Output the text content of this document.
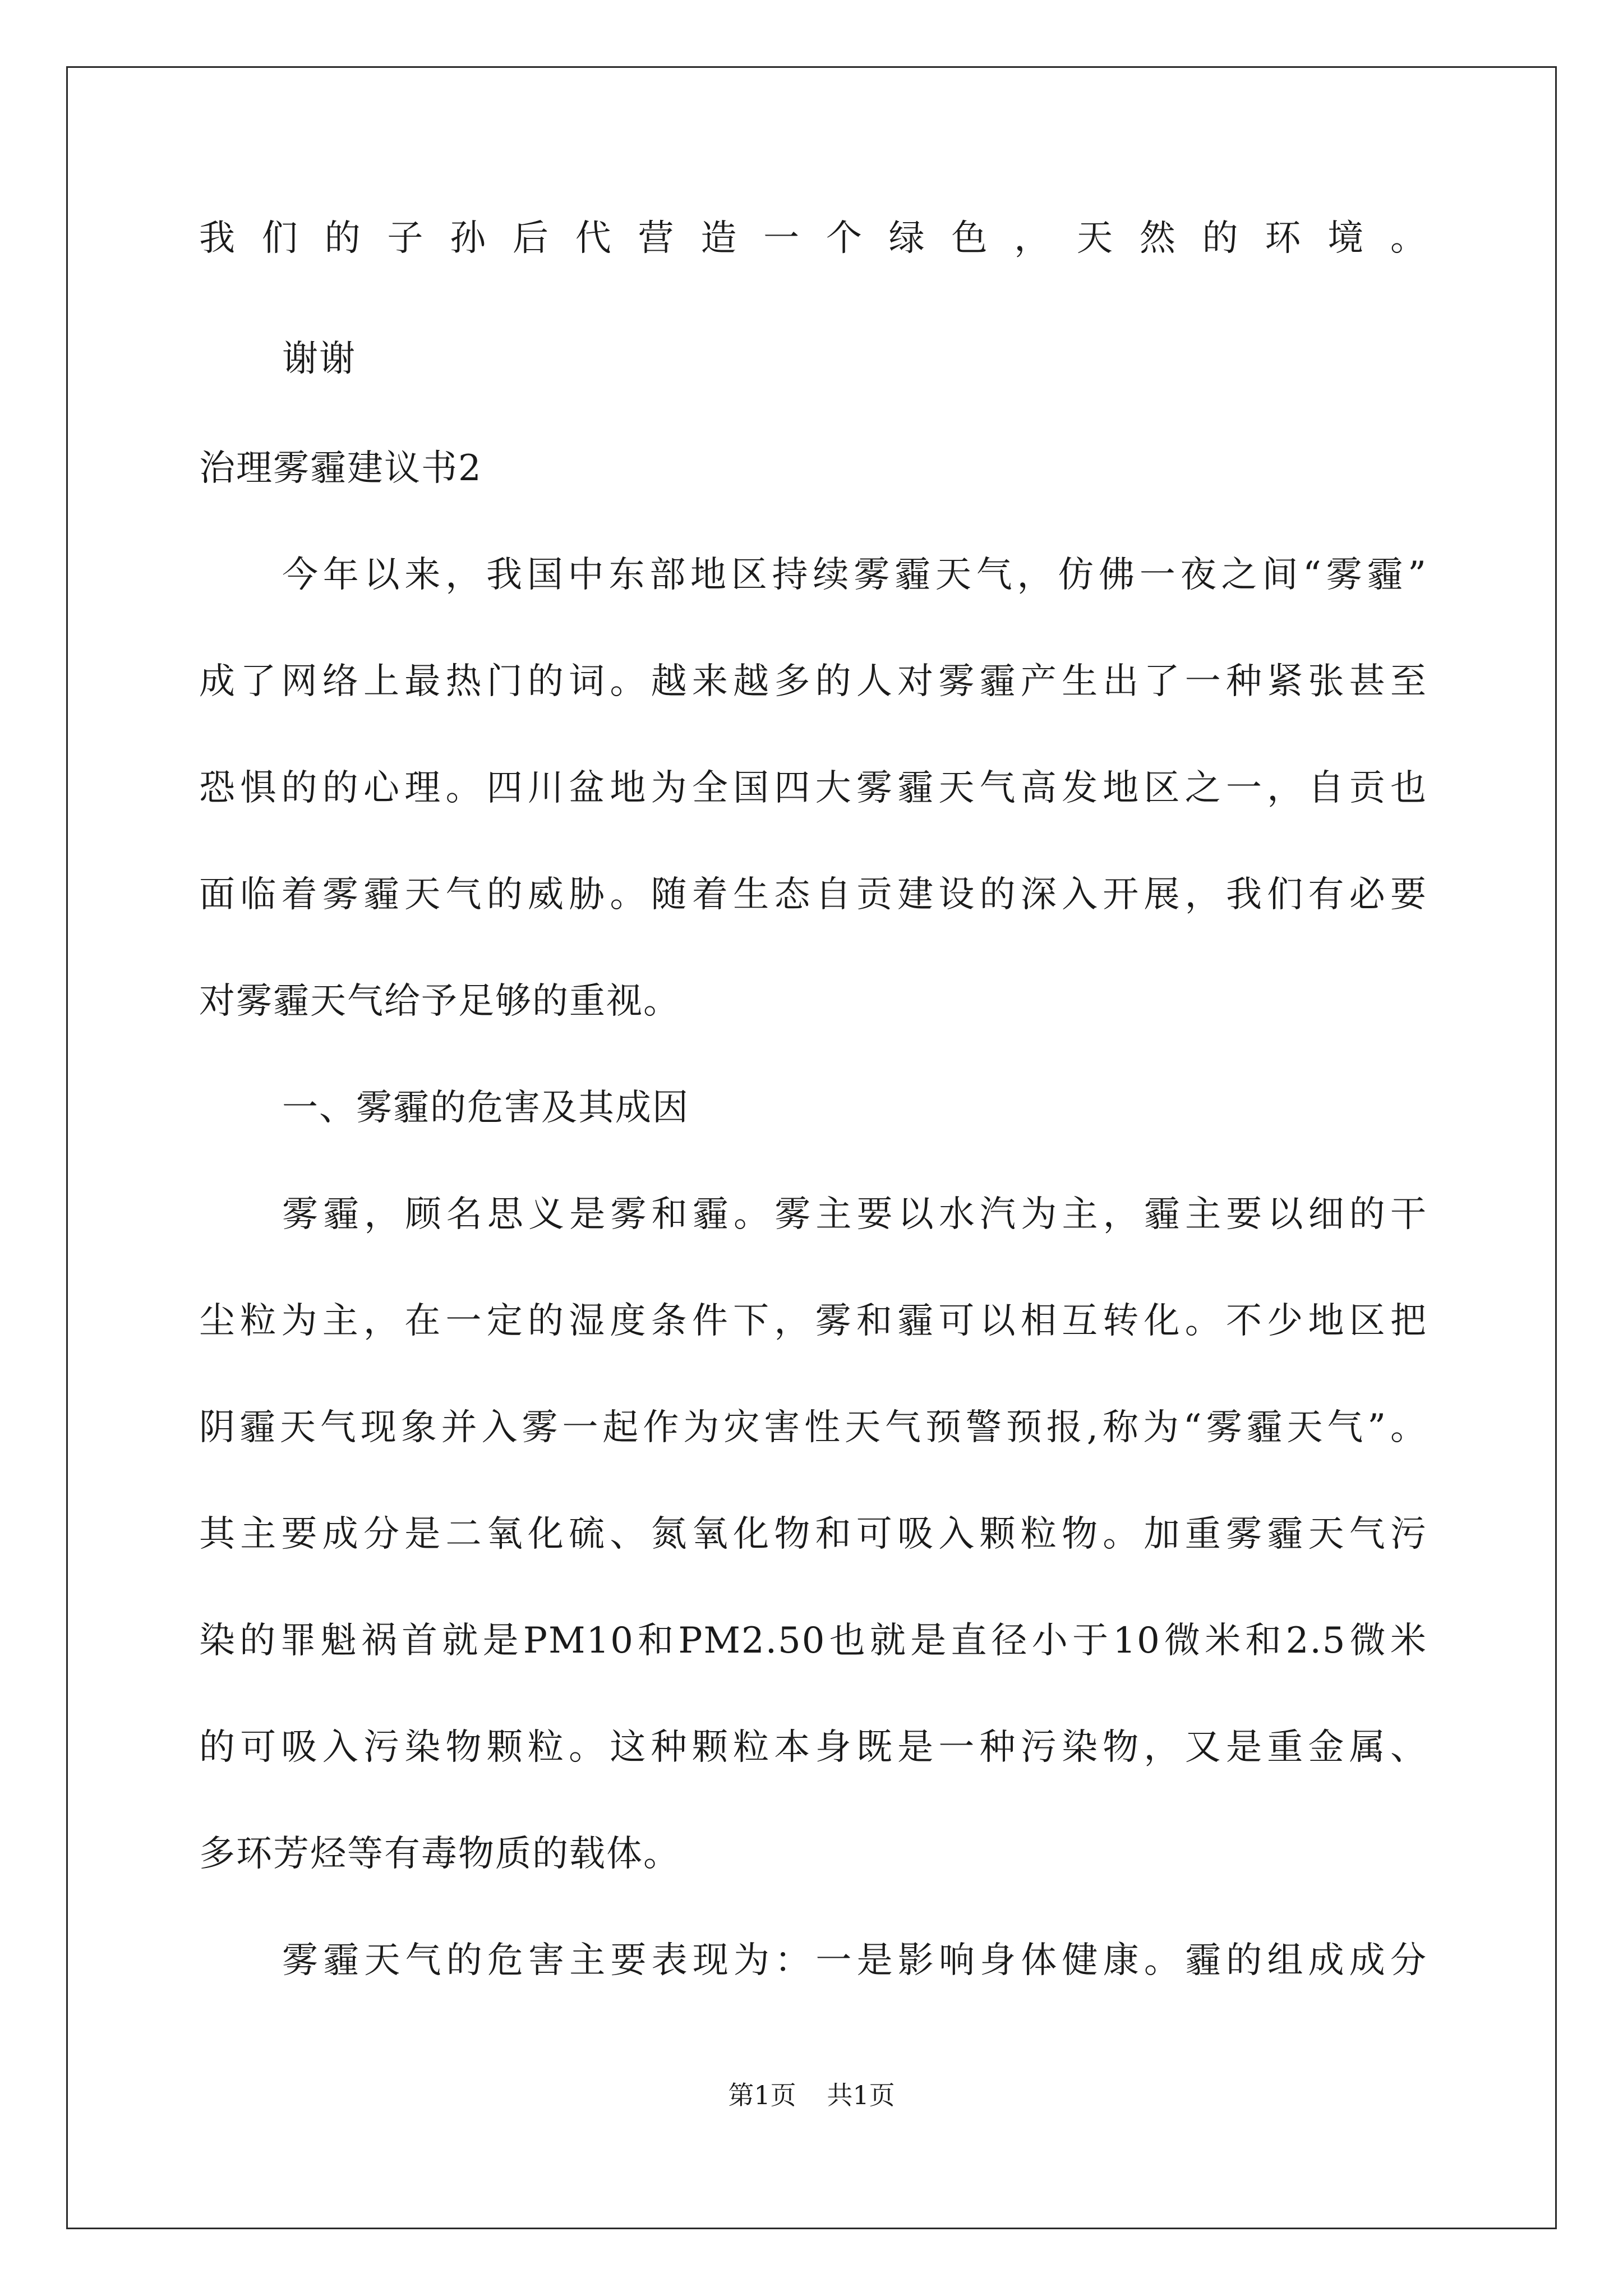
我们的子孙后代营造一个绿色，天然的环境。
谢谢
治理雾霾建议书2
今年以来，我国中东部地区持续雾霾天气，仿佛一夜之间“雾霾”
成了网络上最热门的词。越来越多的人对雾霾产生出了一种紧张甚至
恐惧的的心理。四川盆地为全国四大雾霾天气高发地区之一，自贡也
面临着雾霾天气的威胁。随着生态自贡建设的深入开展，我们有必要
对雾霾天气给予足够的重视。
一、雾霾的危害及其成因
雾霾，顾名思义是雾和霾。雾主要以水汽为主，霾主要以细的干
尘粒为主，在一定的湿度条件下，雾和霾可以相互转化。不少地区把
阴霾天气现象并入雾一起作为灾害性天气预警预报,称为“雾霾天气”。
其主要成分是二氧化硫、氮氧化物和可吸入颗粒物。加重雾霾天气污
染的罪魁祸首就是PM10和PM2.50也就是直径小于10微米和2.5微米
的可吸入污染物颗粒。这种颗粒本身既是一种污染物，又是重金属、
多环芳烃等有毒物质的载体。
雾霾天气的危害主要表现为：一是影响身体健康。霾的组成成分
第1页 共1页
